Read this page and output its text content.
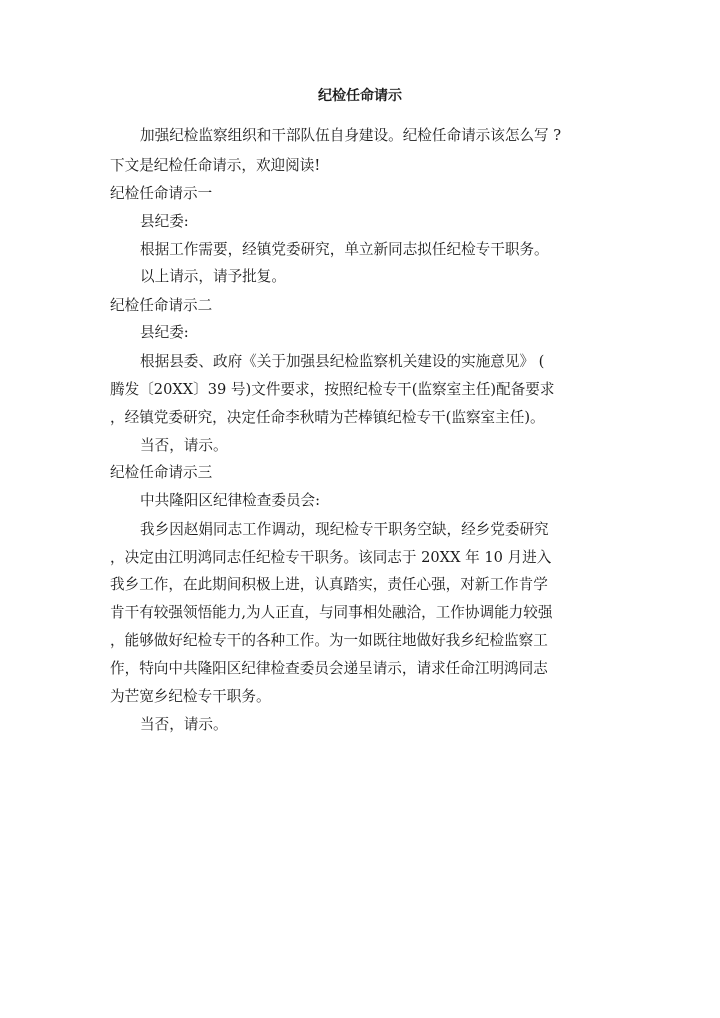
纪检任命请示
加强纪检监察组织和干部队伍自身建设。纪检任命请示该怎么写 ?
下文是纪检任命请示，欢迎阅读!
纪检任命请示一
县纪委:
根据工作需要，经镇党委研究，单立新同志拟任纪检专干职务。
以上请示，请予批复。
纪检任命请示二
县纪委:
根据县委、政府《关于加强县纪检监察机关建设的实施意见》 (
腾发〔20XX〕39 号)文件要求，按照纪检专干(监察室主任)配备要求
，经镇党委研究，决定任命李秋晴为芒棒镇纪检专干(监察室主任)。
当否，请示。
纪检任命请示三
中共隆阳区纪律检查委员会:
我乡因赵娟同志工作调动，现纪检专干职务空缺，经乡党委研究
，决定由江明鸿同志任纪检专干职务。该同志于 20XX 年 10 月进入
我乡工作，在此期间积极上进，认真踏实，责任心强，对新工作肯学
肯干有较强领悟能力,为人正直，与同事相处融洽，工作协调能力较强
，能够做好纪检专干的各种工作。为一如既往地做好我乡纪检监察工
作，特向中共隆阳区纪律检查委员会递呈请示，请求任命江明鸿同志
为芒宽乡纪检专干职务。
当否，请示。
